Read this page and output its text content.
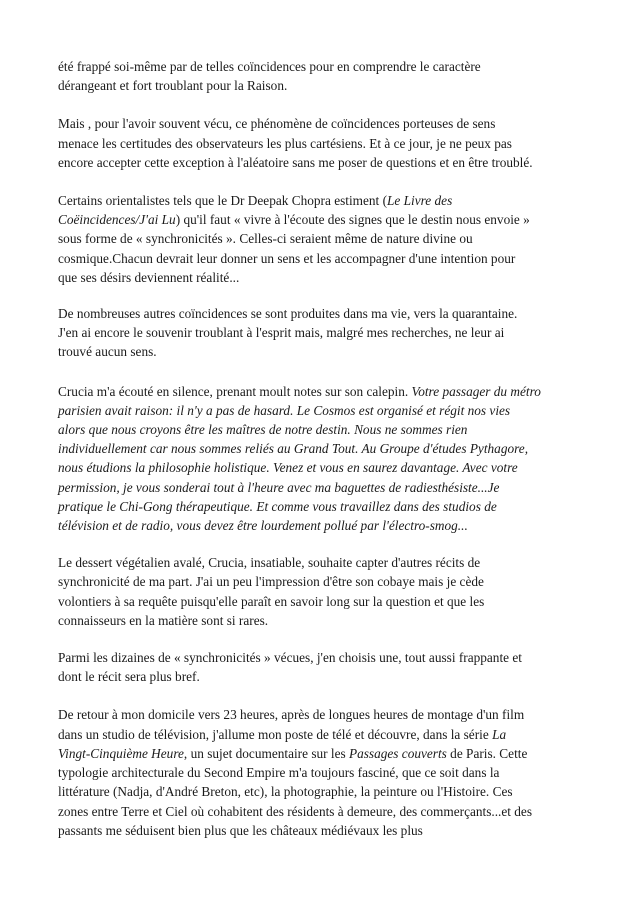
été frappé soi-même par de telles coïncidences pour en comprendre le caractère

dérangeant et fort troublant pour la Raison.

Mais , pour l'avoir souvent vécu, ce phénomène de coïncidences porteuses de sens

menace les certitudes des observateurs les plus cartésiens. Et à ce jour, je ne peux pas

encore accepter cette exception à l'aléatoire sans me poser de questions et en être troublé.

Certains orientalistes tels que le Dr Deepak Chopra estiment (Le Livre des

Coëincidences/J'ai Lu) qu'il faut « vivre à l'écoute des signes que le destin nous envoie »

sous forme de « synchronicités ». Celles-ci seraient même de nature divine ou

cosmique.Chacun devrait leur donner un sens et les accompagner d'une intention pour

que ses désirs deviennent réalité...

De nombreuses autres coïncidences se sont produites dans ma vie, vers la quarantaine.

J'en ai encore le souvenir troublant à l'esprit mais, malgré mes recherches, ne leur ai

trouvé aucun sens.

Crucia m'a écouté en silence, prenant moult notes sur son calepin. Votre passager du métro

parisien avait raison: il n'y a pas de hasard. Le Cosmos est organisé et régit nos vies

alors que nous croyons être les maîtres de notre destin. Nous ne sommes rien

individuellement car nous sommes reliés au Grand Tout. Au Groupe d'études Pythagore,

nous étudions la philosophie holistique. Venez et vous en saurez davantage. Avec votre

permission, je vous sonderai tout à l'heure avec ma baguettes de radiesthésiste...Je

pratique le Chi-Gong thérapeutique. Et comme vous travaillez dans des studios de

télévision et de radio, vous devez être lourdement pollué par l'électro-smog...

Le dessert végétalien avalé, Crucia, insatiable, souhaite capter d'autres récits de

synchronicité de ma part. J'ai un peu l'impression d'être son cobaye mais je cède

volontiers à sa requête puisqu'elle paraît en savoir long sur la question et que les

connaisseurs en la matière sont si rares.

Parmi les dizaines de « synchronicités » vécues, j'en choisis une, tout aussi frappante et

dont le récit sera plus bref.

De retour à mon domicile vers 23 heures, après de longues heures de montage d'un film

dans un studio de télévision, j'allume mon poste de télé et découvre, dans la série La

Vingt-Cinquième Heure, un sujet documentaire sur les Passages couverts de Paris. Cette

typologie architecturale du Second Empire m'a toujours fasciné, que ce soit dans la

littérature (Nadja, d'André Breton, etc), la photographie, la peinture ou l'Histoire. Ces

zones entre Terre et Ciel où cohabitent des résidents à demeure, des commerçants...et des

passants me séduisent bien plus que les châteaux médiévaux les plus
